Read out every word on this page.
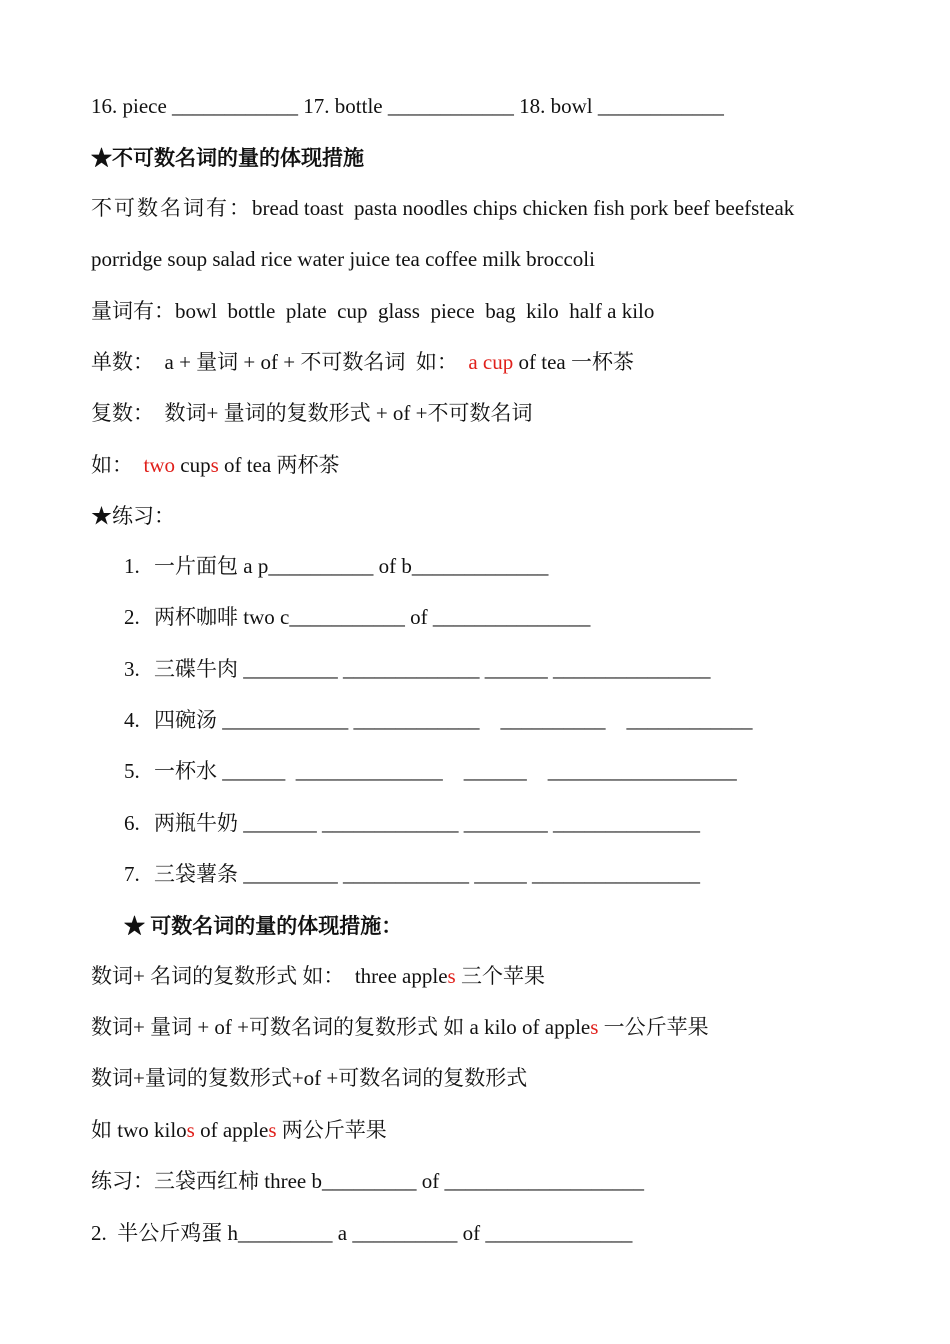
16. piece ____________ 17. bottle ____________ 18. bowl ____________
★不可数名词的量的体现措施
不可数名词有：bread toast  pasta noodles chips chicken fish pork beef beefsteak
porridge soup salad rice water juice tea coffee milk broccoli
量词有：bowl  bottle  plate  cup  glass  piece  bag  kilo  half a kilo
单数：  a + 量词 + of + 不可数名词  如：  a cup of tea 一杯茶
复数：  数词+ 量词的复数形式 + of +不可数名词
如：  two cups of tea 两杯茶
★练习：
1. 一片面包 a p__________ of b_____________
2. 两杯咖啡 two c___________ of _______________
3. 三碟牛肉 _________ _____________ ______ _______________
4. 四碗汤 ____________ ____________    __________    ____________
5. 一杯水 ______  ______________    ______    __________________
6. 两瓶牛奶 _______ _____________ ________ ______________
7. 三袋薯条 _________ ____________ _____ ________________
★ 可数名词的量的体现措施：
数词+ 名词的复数形式 如：  three apples 三个苹果
数词+ 量词 + of +可数名词的复数形式 如 a kilo of apples 一公斤苹果
数词+量词的复数形式+of +可数名词的复数形式
如 two kilos of apples 两公斤苹果
练习：三袋西红柿 three b_________ of ___________________
2.  半公斤鸡蛋 h_________ a __________ of ______________
